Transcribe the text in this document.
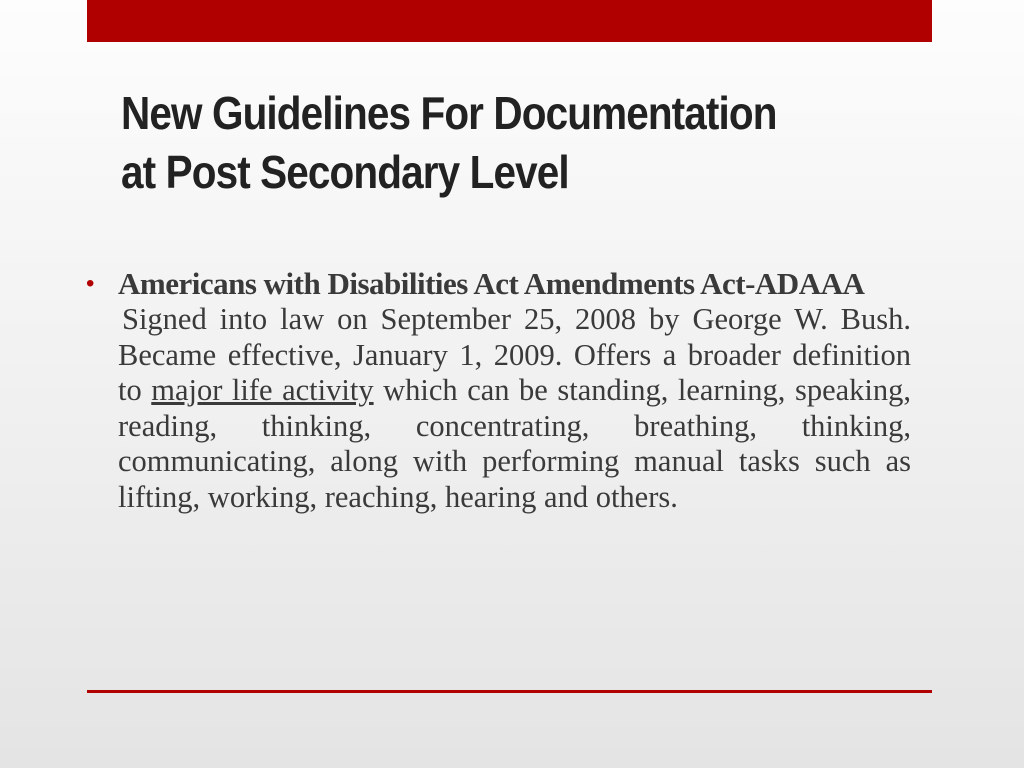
New Guidelines For Documentation
at Post Secondary Level
• Americans with Disabilities Act Amendments Act-ADAAA

Signed into law on September 25, 2008 by George W. Bush. Became effective, January 1, 2009. Offers a broader definition to major life activity which can be standing, learning, speaking, reading, thinking, concentrating, breathing, thinking, communicating, along with performing manual tasks such as lifting, working, reaching, hearing and others.
